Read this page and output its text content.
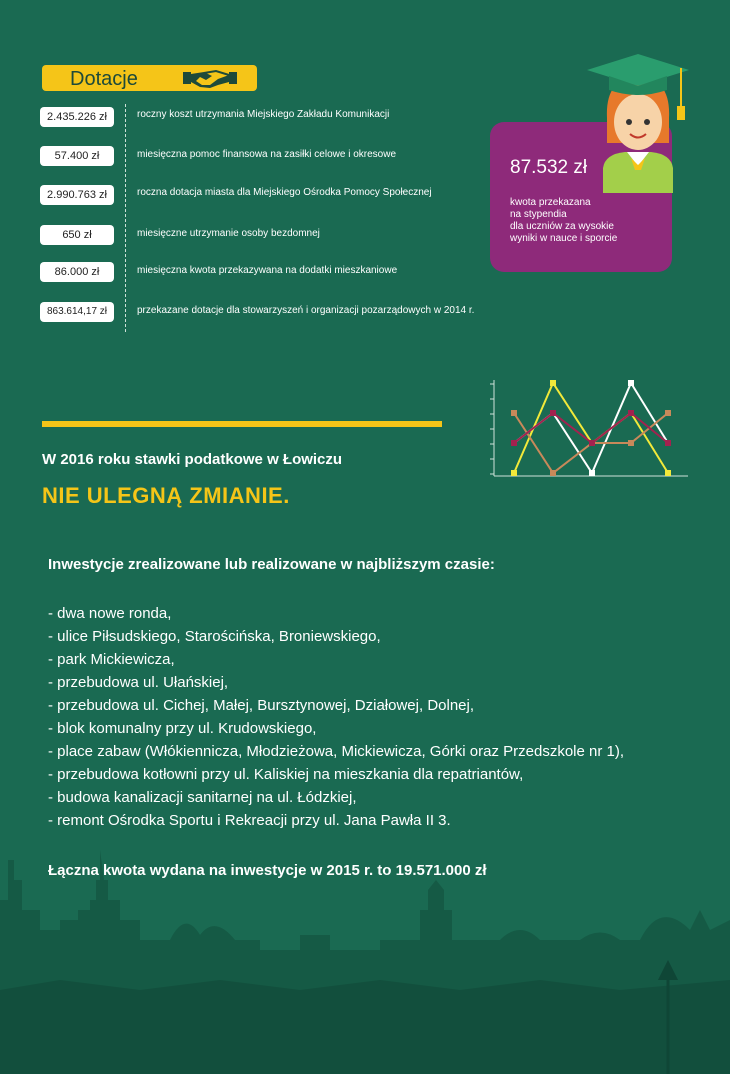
Dotacje
2.435.226 zł	roczny koszt utrzymania Miejskiego Zakładu Komunikacji
57.400 zł	miesięczna pomoc finansowa na zasiłki celowe i okresowe
2.990.763 zł	roczna dotacja miasta dla Miejskiego Ośrodka Pomocy Społecznej
650 zł	miesięczne utrzymanie osoby bezdomnej
86.000 zł	miesięczna kwota przekazywana na dodatki mieszkaniowe
863.614,17 zł	przekazane dotacje dla stowarzyszeń i organizacji pozarządowych w 2014 r.
87.532 zł
kwota przekazana
na stypendia
dla uczniów za wysokie
wyniki w nauce i sporcie
W 2016 roku stawki podatkowe w Łowiczu
NIE ULEGNĄ ZMIANIE.
Inwestycje zrealizowane lub realizowane w najbliższym czasie:
- dwa nowe ronda,
- ulice Piłsudskiego, Starościńska, Broniewskiego,
- park Mickiewicza,
- przebudowa ul. Ułańskiej,
- przebudowa ul. Cichej, Małej, Bursztynowej, Działowej, Dolnej,
- blok komunalny przy ul. Krudowskiego,
- place zabaw (Włókiennicza, Młodzieżowa, Mickiewicza, Górki oraz Przedszkole nr 1),
- przebudowa kotłowni przy ul. Kaliskiej na mieszkania dla repatriantów,
- budowa kanalizacji sanitarnej na ul. Łódzkiej,
- remont Ośrodka Sportu i Rekreacji przy ul. Jana Pawła II 3.
Łączna kwota wydana na inwestycje w 2015 r. to 19.571.000 zł
